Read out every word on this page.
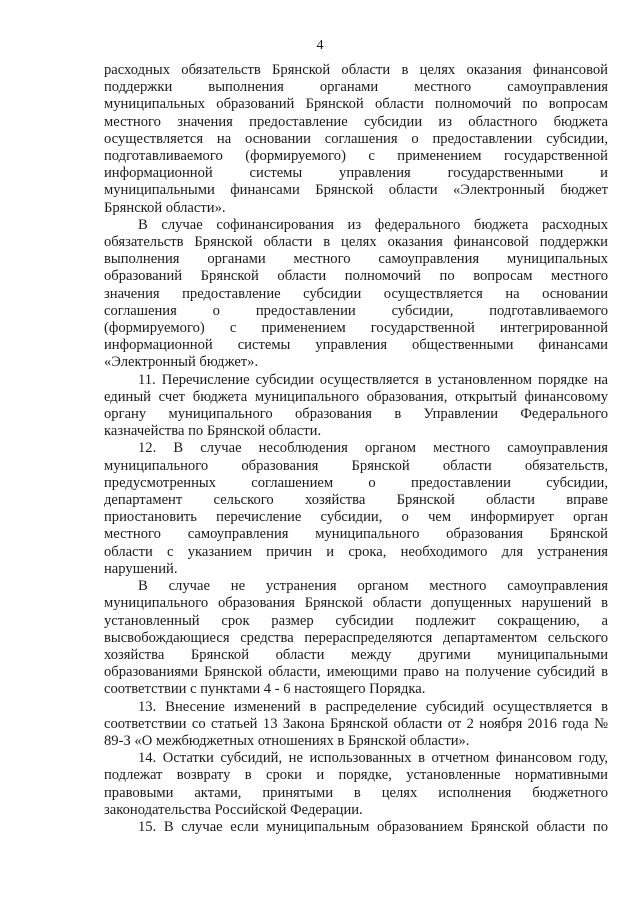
4
расходных обязательств Брянской области в целях оказания финансовой
поддержки выполнения органами местного самоуправления
муниципальных образований Брянской области полномочий по вопросам
местного значения предоставление субсидии из областного бюджета
осуществляется на основании соглашения о предоставлении субсидии,
подготавливаемого (формируемого) с применением государственной
информационной системы управления государственными и
муниципальными финансами Брянской области «Электронный бюджет
Брянской области».
В случае софинансирования из федерального бюджета расходных
обязательств Брянской области в целях оказания финансовой поддержки
выполнения органами местного самоуправления муниципальных
образований Брянской области полномочий по вопросам местного
значения предоставление субсидии осуществляется на основании
соглашения о предоставлении субсидии, подготавливаемого
(формируемого) с применением государственной интегрированной
информационной системы управления общественными финансами
«Электронный бюджет».
11. Перечисление субсидии осуществляется в установленном порядке на
единый счет бюджета муниципального образования, открытый финансовому
органу муниципального образования в Управлении Федерального
казначейства по Брянской области.
12. В случае несоблюдения органом местного самоуправления
муниципального образования Брянской области обязательств,
предусмотренных соглашением о предоставлении субсидии,
департамент сельского хозяйства Брянской области вправе
приостановить перечисление субсидии, о чем информирует орган
местного самоуправления муниципального образования Брянской
области с указанием причин и срока, необходимого для устранения
нарушений.
В случае не устранения органом местного самоуправления
муниципального образования Брянской области допущенных нарушений в
установленный срок размер субсидии подлежит сокращению, а
высвобождающиеся средства перераспределяются департаментом сельского
хозяйства Брянской области между другими муниципальными
образованиями Брянской области, имеющими право на получение субсидий в
соответствии с пунктами 4 - 6 настоящего Порядка.
13. Внесение изменений в распределение субсидий осуществляется в
соответствии со статьей 13 Закона Брянской области от 2 ноября 2016 года №
89-З «О межбюджетных отношениях в Брянской области».
14. Остатки субсидий, не использованных в отчетном финансовом году,
подлежат возврату в сроки и порядке, установленные нормативными
правовыми актами, принятыми в целях исполнения бюджетного
законодательства Российской Федерации.
15. В случае если муниципальным образованием Брянской области по
